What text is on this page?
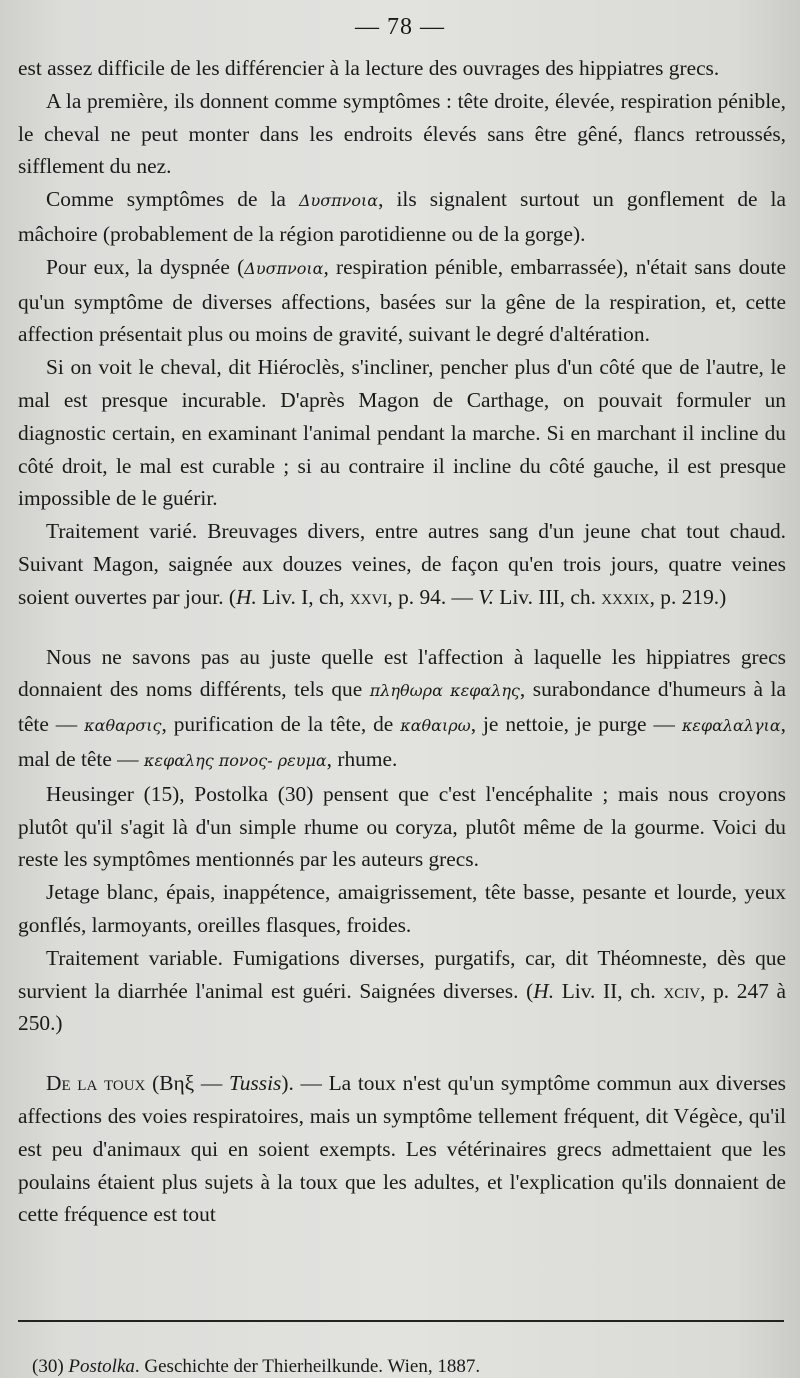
— 78 —

est assez difficile de les différencier à la lecture des ouvrages des hippiatres grecs.

A la première, ils donnent comme symptômes : tête droite, élevée, respiration pénible, le cheval ne peut monter dans les endroits élevés sans être gêné, flancs retroussés, sifflement du nez.

Comme symptômes de la Δυσπνοια, ils signalent surtout un gonflement de la mâchoire (probablement de la région parotidienne ou de la gorge).

Pour eux, la dyspnée (Δυσπνοια, respiration pénible, embarrassée), n'était sans doute qu'un symptôme de diverses affections, basées sur la gêne de la respiration, et, cette affection présentait plus ou moins de gravité, suivant le degré d'altération.

Si on voit le cheval, dit Hiéroclès, s'incliner, pencher plus d'un côté que de l'autre, le mal est presque incurable. D'après Magon de Carthage, on pouvait formuler un diagnostic certain, en examinant l'animal pendant la marche. Si en marchant il incline du côté droit, le mal est curable ; si au contraire il incline du côté gauche, il est presque impossible de le guérir.

Traitement varié. Breuvages divers, entre autres sang d'un jeune chat tout chaud. Suivant Magon, saignée aux douzes veines, de façon qu'en trois jours, quatre veines soient ouvertes par jour. (H. Liv. I, ch, xxvi, p. 94. — V. Liv. III, ch. xxxix, p. 219.)

Nous ne savons pas au juste quelle est l'affection à laquelle les hippiatres grecs donnaient des noms différents, tels que πληθωρα κεφαλης, surabondance d'humeurs à la tête — καθαρσις, purification de la tête, de καθαιρω, je nettoie, je purge — κεφαλαλγια, mal de tête — κεφαλης πονος- ρευμα, rhume.

Heusinger (15), Postolka (30) pensent que c'est l'encéphalite ; mais nous croyons plutôt qu'il s'agit là d'un simple rhume ou coryza, plutôt même de la gourme. Voici du reste les symptômes mentionnés par les auteurs grecs.

Jetage blanc, épais, inappétence, amaigrissement, tête basse, pesante et lourde, yeux gonflés, larmoyants, oreilles flasques, froides.

Traitement variable. Fumigations diverses, purgatifs, car, dit Théomneste, dès que survient la diarrhée l'animal est guéri. Saignées diverses. (H. Liv. II, ch. xciv, p. 247 à 250.)

De la toux (Βηξ — Tussis). — La toux n'est qu'un symptôme commun aux diverses affections des voies respiratoires, mais un symptôme tellement fréquent, dit Végèce, qu'il est peu d'animaux qui en soient exempts. Les vétérinaires grecs admettaient que les poulains étaient plus sujets à la toux que les adultes, et l'explication qu'ils donnaient de cette fréquence est tout

(30) Postolka. Geschichte der Thierheilkunde. Wien, 1887.
